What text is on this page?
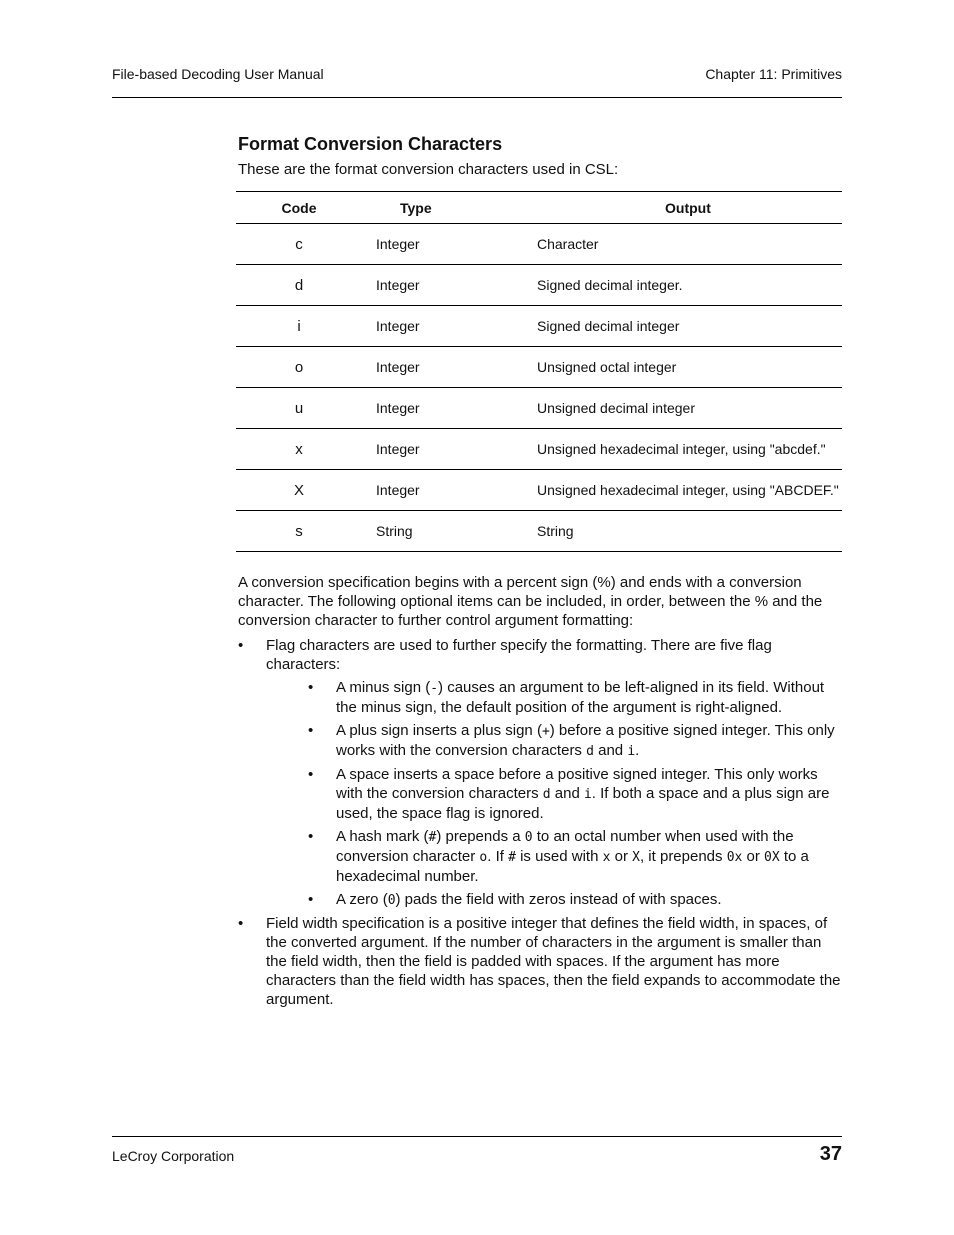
File-based Decoding User Manual	Chapter 11: Primitives
Format Conversion Characters

These are the format conversion characters used in CSL:

Code	Type	Output
c	Integer	Character
d	Integer	Signed decimal integer.
i	Integer	Signed decimal integer
o	Integer	Unsigned octal integer
u	Integer	Unsigned decimal integer
x	Integer	Unsigned hexadecimal integer, using "abcdef."
X	Integer	Unsigned hexadecimal integer, using "ABCDEF."
s	String	String

A conversion specification begins with a percent sign (%) and ends with a conversion character. The following optional items can be included, in order, between the % and the conversion character to further control argument formatting:

• Flag characters are used to further specify the formatting. There are five flag characters:
• A minus sign (-) causes an argument to be left-aligned in its field. Without the minus sign, the default position of the argument is right-aligned.
• A plus sign inserts a plus sign (+) before a positive signed integer. This only works with the conversion characters d and i.
• A space inserts a space before a positive signed integer. This only works with the conversion characters d and i. If both a space and a plus sign are used, the space flag is ignored.
• A hash mark (#) prepends a 0 to an octal number when used with the conversion character o. If # is used with x or X, it prepends 0x or 0X to a hexadecimal number.
• A zero (0) pads the field with zeros instead of with spaces.
• Field width specification is a positive integer that defines the field width, in spaces, of the converted argument. If the number of characters in the argument is smaller than the field width, then the field is padded with spaces. If the argument has more characters than the field width has spaces, then the field expands to accommodate the argument.
LeCroy Corporation	37
